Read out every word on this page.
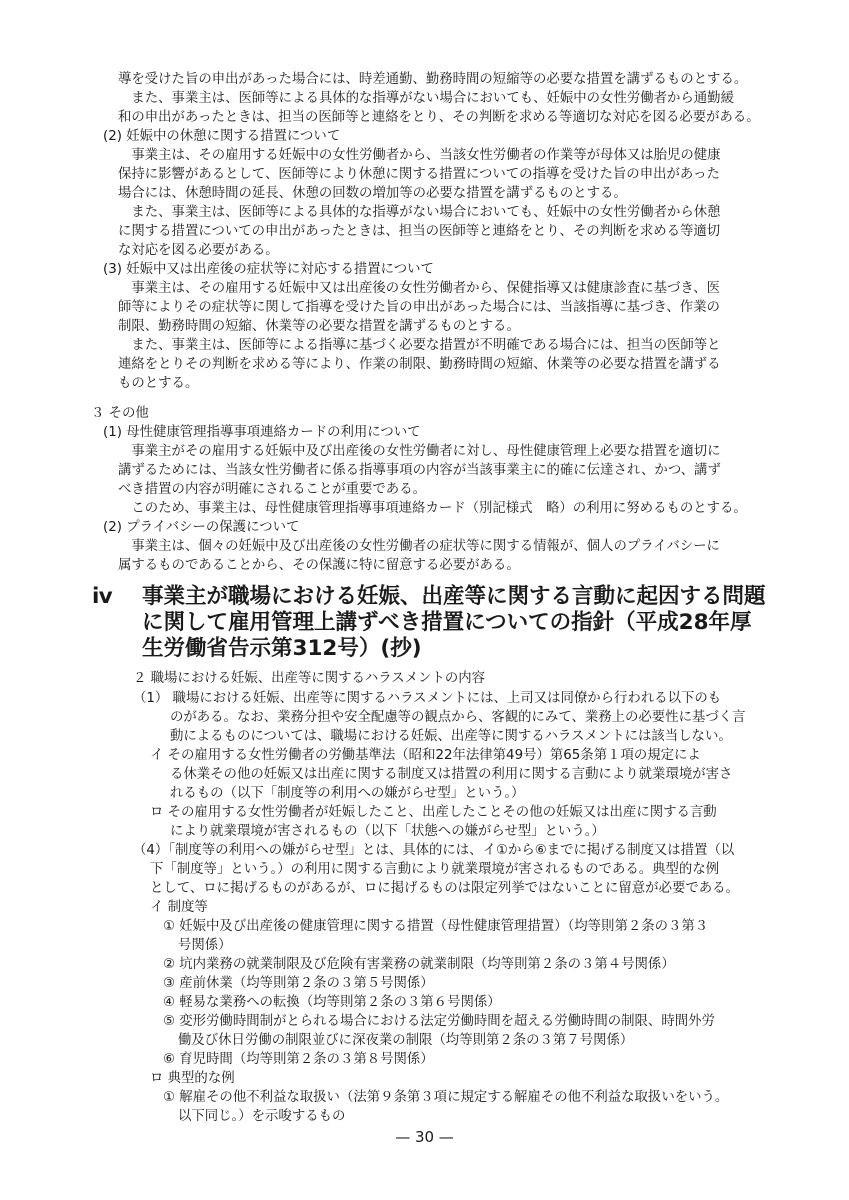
導を受けた旨の申出があった場合には、時差通勤、勤務時間の短縮等の必要な措置を講ずるものとする。
　また、事業主は、医師等による具体的な指導がない場合においても、妊娠中の女性労働者から通勤緩
和の申出があったときは、担当の医師等と連絡をとり、その判断を求める等適切な対応を図る必要がある。
(2) 妊娠中の休憩に関する措置について
　事業主は、その雇用する妊娠中の女性労働者から、当該女性労働者の作業等が母体又は胎児の健康
保持に影響があるとして、医師等により休憩に関する措置についての指導を受けた旨の申出があった
場合には、休憩時間の延長、休憩の回数の増加等の必要な措置を講ずるものとする。
　また、事業主は、医師等による具体的な指導がない場合においても、妊娠中の女性労働者から休憩
に関する措置についての申出があったときは、担当の医師等と連絡をとり、その判断を求める等適切
な対応を図る必要がある。
(3) 妊娠中又は出産後の症状等に対応する措置について
　事業主は、その雇用する妊娠中又は出産後の女性労働者から、保健指導又は健康診査に基づき、医
師等によりその症状等に関して指導を受けた旨の申出があった場合には、当該指導に基づき、作業の
制限、勤務時間の短縮、休業等の必要な措置を講ずるものとする。
　また、事業主は、医師等による指導に基づく必要な措置が不明確である場合には、担当の医師等と
連絡をとりその判断を求める等により、作業の制限、勤務時間の短縮、休業等の必要な措置を講ずる
ものとする。
３ その他
(1) 母性健康管理指導事項連絡カードの利用について
　事業主がその雇用する妊娠中及び出産後の女性労働者に対し、母性健康管理上必要な措置を適切に
講ずるためには、当該女性労働者に係る指導事項の内容が当該事業主に的確に伝達され、かつ、講ず
べき措置の内容が明確にされることが重要である。
　このため、事業主は、母性健康管理指導事項連絡カード（別記様式　略）の利用に努めるものとする。
(2) プライバシーの保護について
　事業主は、個々の妊娠中及び出産後の女性労働者の症状等に関する情報が、個人のプライバシーに
属するものであることから、その保護に特に留意する必要がある。
２ 職場における妊娠、出産等に関するハラスメントの内容
（1） 職場における妊娠、出産等に関するハラスメントには、上司又は同僚から行われる以下のも
のがある。なお、業務分担や安全配慮等の観点から、客観的にみて、業務上の必要性に基づく言
動によるものについては、職場における妊娠、出産等に関するハラスメントには該当しない。
イ その雇用する女性労働者の労働基準法（昭和22年法律第49号）第65条第１項の規定によ
る休業その他の妊娠又は出産に関する制度又は措置の利用に関する言動により就業環境が害さ
れるもの（以下「制度等の利用への嫌がらせ型」という。）
ロ その雇用する女性労働者が妊娠したこと、出産したことその他の妊娠又は出産に関する言動
により就業環境が害されるもの（以下「状態への嫌がらせ型」という。）
（4）「制度等の利用への嫌がらせ型」とは、具体的には、イ①から⑥までに掲げる制度又は措置（以
下「制度等」という。）の利用に関する言動により就業環境が害されるものである。典型的な例
として、ロに掲げるものがあるが、ロに掲げるものは限定列挙ではないことに留意が必要である。
イ 制度等
① 妊娠中及び出産後の健康管理に関する措置（母性健康管理措置）（均等則第２条の３第３
号関係）
② 坑内業務の就業制限及び危険有害業務の就業制限（均等則第２条の３第４号関係）
③ 産前休業（均等則第２条の３第５号関係）
④ 軽易な業務への転換（均等則第２条の３第６号関係）
⑤ 変形労働時間制がとられる場合における法定労働時間を超える労働時間の制限、時間外労
働及び休日労働の制限並びに深夜業の制限（均等則第２条の３第７号関係）
⑥ 育児時間（均等則第２条の３第８号関係）
ロ 典型的な例
① 解雇その他不利益な取扱い（法第９条第３項に規定する解雇その他不利益な取扱いをいう。
以下同じ。）を示唆するもの
ⅳ 事業主が職場における妊娠、出産等に関する言動に起因する問題
に関して雇用管理上講ずべき措置についての指針（平成28年厚
生労働省告示第312号）(抄)
— 30 —
